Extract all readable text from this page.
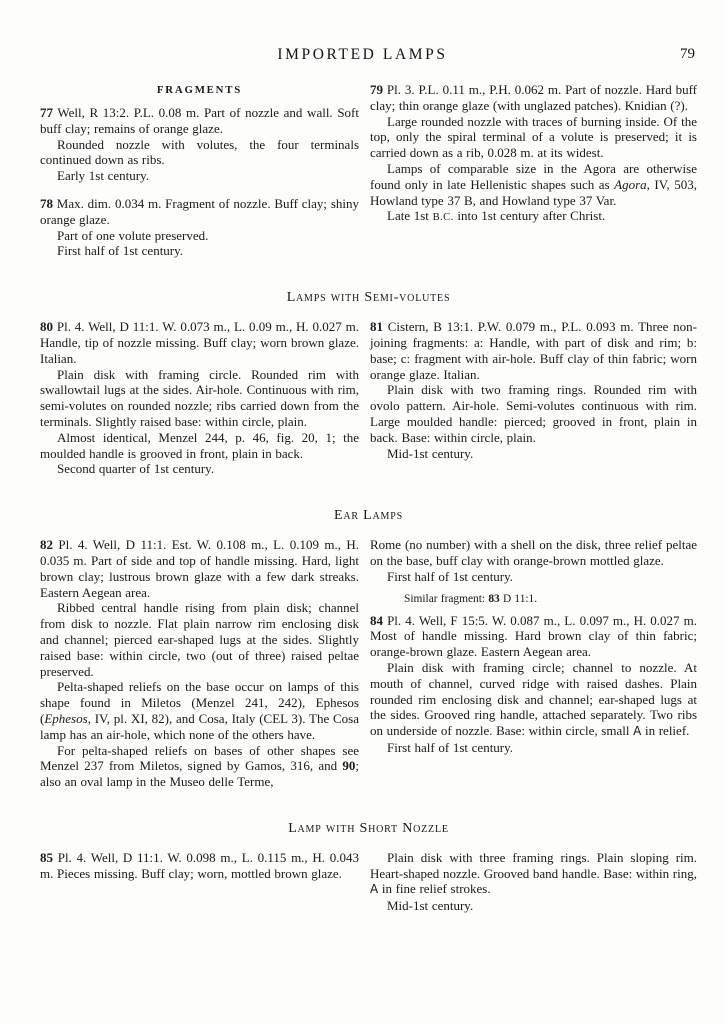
IMPORTED LAMPS	79
FRAGMENTS

77 Well, R 13:2. P.L. 0.08 m. Part of nozzle and wall. Soft buff clay; remains of orange glaze.

Rounded nozzle with volutes, the four terminals continued down as ribs.

Early 1st century.

78 Max. dim. 0.034 m. Fragment of nozzle. Buff clay; shiny orange glaze.

Part of one volute preserved.

First half of 1st century.

79 Pl. 3. P.L. 0.11 m., P.H. 0.062 m. Part of nozzle. Hard buff clay; thin orange glaze (with unglazed patches). Knidian (?).

Large rounded nozzle with traces of burning inside. Of the top, only the spiral terminal of a volute is preserved; it is carried down as a rib, 0.028 m. at its widest.

Lamps of comparable size in the Agora are otherwise found only in late Hellenistic shapes such as Agora, IV, 503, Howland type 37 B, and Howland type 37 Var.

Late 1st B.C. into 1st century after Christ.

Lamps with Semi-volutes

80 Pl. 4. Well, D 11:1. W. 0.073 m., L. 0.09 m., H. 0.027 m. Handle, tip of nozzle missing. Buff clay; worn brown glaze. Italian.

Plain disk with framing circle. Rounded rim with swallowtail lugs at the sides. Air-hole. Continuous with rim, semi-volutes on rounded nozzle; ribs carried down from the terminals. Slightly raised base: within circle, plain.

Almost identical, Menzel 244, p. 46, fig. 20, 1; the moulded handle is grooved in front, plain in back.

Second quarter of 1st century.

81 Cistern, B 13:1. P.W. 0.079 m., P.L. 0.093 m. Three non-joining fragments: a: Handle, with part of disk and rim; b: base; c: fragment with air-hole. Buff clay of thin fabric; worn orange glaze. Italian.

Plain disk with two framing rings. Rounded rim with ovolo pattern. Air-hole. Semi-volutes continuous with rim. Large moulded handle: pierced; grooved in front, plain in back. Base: within circle, plain.

Mid-1st century.

Ear Lamps

82 Pl. 4. Well, D 11:1. Est. W. 0.108 m., L. 0.109 m., H. 0.035 m. Part of side and top of handle missing. Hard, light brown clay; lustrous brown glaze with a few dark streaks. Eastern Aegean area.

Ribbed central handle rising from plain disk; channel from disk to nozzle. Flat plain narrow rim enclosing disk and channel; pierced ear-shaped lugs at the sides. Slightly raised base: within circle, two (out of three) raised peltae preserved.

Pelta-shaped reliefs on the base occur on lamps of this shape found in Miletos (Menzel 241, 242), Ephesos (Ephesos, IV, pl. XI, 82), and Cosa, Italy (CEL 3). The Cosa lamp has an air-hole, which none of the others have.

For pelta-shaped reliefs on bases of other shapes see Menzel 237 from Miletos, signed by Gamos, 316, and 90; also an oval lamp in the Museo delle Terme,

Rome (no number) with a shell on the disk, three relief peltae on the base, buff clay with orange-brown mottled glaze.

First half of 1st century.

Similar fragment: 83 D 11:1.

84 Pl. 4. Well, F 15:5. W. 0.087 m., L. 0.097 m., H. 0.027 m. Most of handle missing. Hard brown clay of thin fabric; orange-brown glaze. Eastern Aegean area.

Plain disk with framing circle; channel to nozzle. At mouth of channel, curved ridge with raised dashes. Plain rounded rim enclosing disk and channel; ear-shaped lugs at the sides. Grooved ring handle, attached separately. Two ribs on underside of nozzle. Base: within circle, small A in relief.

First half of 1st century.

Lamp with Short Nozzle

85 Pl. 4. Well, D 11:1. W. 0.098 m., L. 0.115 m., H. 0.043 m. Pieces missing. Buff clay; worn, mottled brown glaze.

Plain disk with three framing rings. Plain sloping rim. Heart-shaped nozzle. Grooved band handle. Base: within ring, A in fine relief strokes.

Mid-1st century.
